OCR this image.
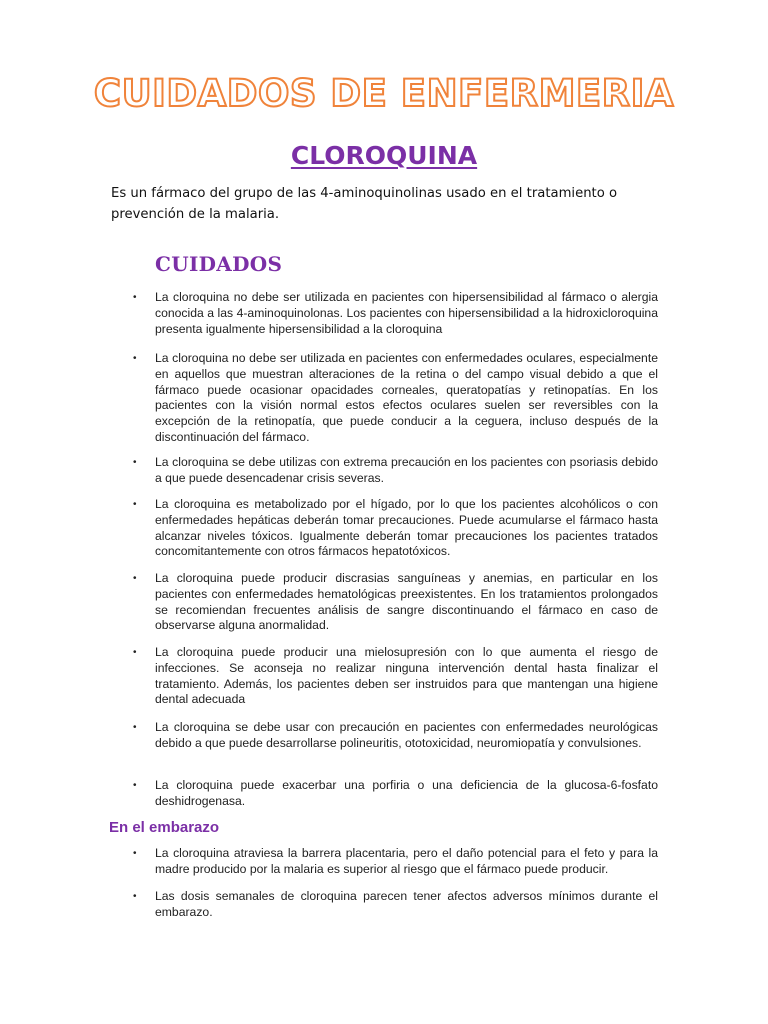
CUIDADOS DE ENFERMERIA
CLOROQUINA

Es un fármaco del grupo de las 4-aminoquinolinas usado en el tratamiento o prevención de la malaria.

CUIDADOS
• La cloroquina no debe ser utilizada en pacientes con hipersensibilidad al fármaco o alergia conocida a las 4-aminoquinolonas. Los pacientes con hipersensibilidad a la hidroxicloroquina presenta igualmente hipersensibilidad a la cloroquina
• La cloroquina no debe ser utilizada en pacientes con enfermedades oculares, especialmente en aquellos que muestran alteraciones de la retina o del campo visual debido a que el fármaco puede ocasionar opacidades corneales, queratopatías y retinopatías. En los pacientes con la visión normal estos efectos oculares suelen ser reversibles con la excepción de la retinopatía, que puede conducir a la ceguera, incluso después de la discontinuación del fármaco.
• La cloroquina se debe utilizas con extrema precaución en los pacientes con psoriasis debido a que puede desencadenar crisis severas.
• La cloroquina es metabolizado por el hígado, por lo que los pacientes alcohólicos o con enfermedades hepáticas deberán tomar precauciones. Puede acumularse el fármaco hasta alcanzar niveles tóxicos. Igualmente deberán tomar precauciones los pacientes tratados concomitantemente con otros fármacos hepatotóxicos.
• La cloroquina puede producir discrasias sanguíneas y anemias, en particular en los pacientes con enfermedades hematológicas preexistentes. En los tratamientos prolongados se recomiendan frecuentes análisis de sangre discontinuando el fármaco en caso de observarse alguna anormalidad.
• La cloroquina puede producir una mielosupresión con lo que aumenta el riesgo de infecciones. Se aconseja no realizar ninguna intervención dental hasta finalizar el tratamiento. Además, los pacientes deben ser instruidos para que mantengan una higiene dental adecuada
• La cloroquina se debe usar con precaución en pacientes con enfermedades neurológicas debido a que puede desarrollarse polineuritis, ototoxicidad, neuromiopatía y convulsiones.
• La cloroquina puede exacerbar una porfiria o una deficiencia de la glucosa-6-fosfato deshidrogenasa.
En el embarazo
• La cloroquina atraviesa la barrera placentaria, pero el daño potencial para el feto y para la madre producido por la malaria es superior al riesgo que el fármaco puede producir.
• Las dosis semanales de cloroquina parecen tener afectos adversos mínimos durante el embarazo.
